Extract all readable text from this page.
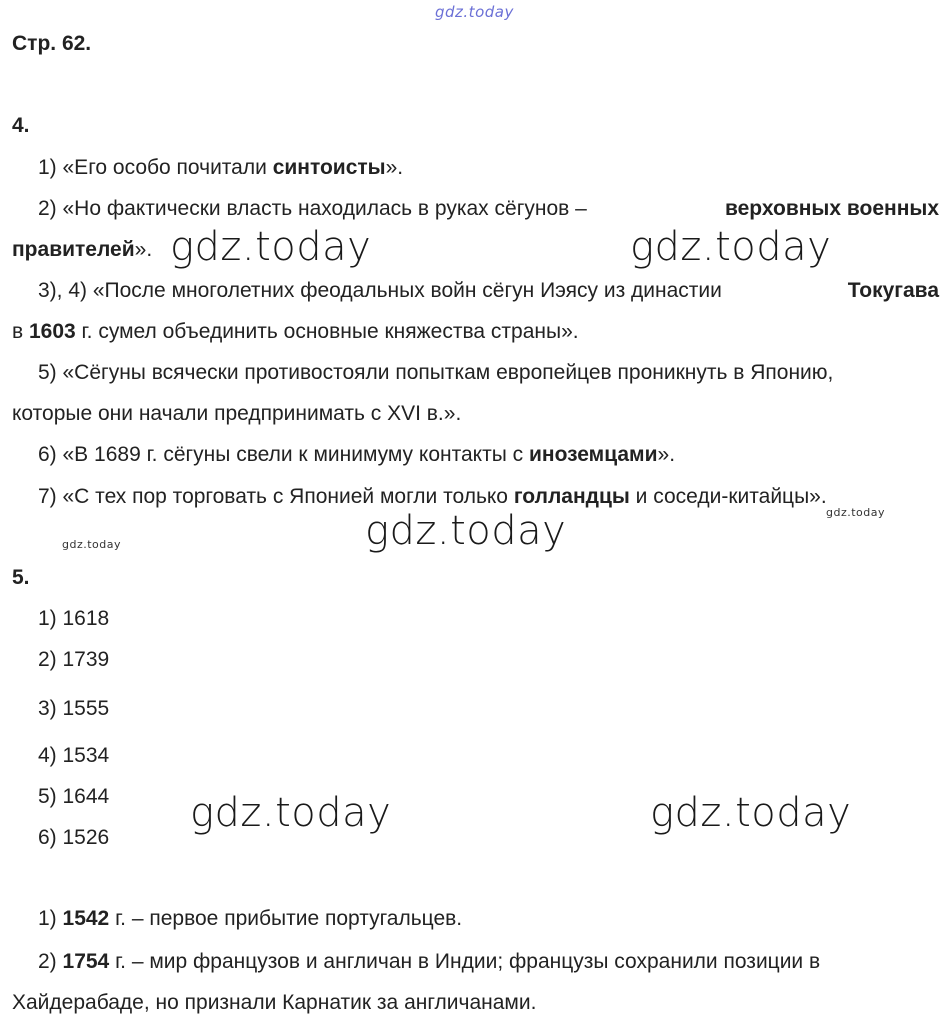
gdz.today
gdz.today	gdz.today
gdz.today	gdz.today
gdz.today
gdz.today	gdz.today
Стр. 62.
4.
1) «Его особо почитали синтоисты».
2) «Но фактически власть находилась в руках сёгунов –	верховных военных
правителей».
3), 4) «После многолетних феодальных войн сёгун Иэясу из династии	Токугава
в 1603 г. сумел объединить основные княжества страны».
5) «Сёгуны всячески противостояли попыткам европейцев проникнуть в Японию,
которые они начали предпринимать с XVI в.».
6) «В 1689 г. сёгуны свели к минимуму контакты с иноземцами».
7) «С тех пор торговать с Японией могли только голландцы и соседи-китайцы».
5.
1) 1618
2) 1739
3) 1555
4) 1534
5) 1644
6) 1526
1) 1542 г. – первое прибытие португальцев.
2) 1754 г. – мир французов и англичан в Индии; французы сохранили позиции в
Хайдерабаде, но признали Карнатик за англичанами.
